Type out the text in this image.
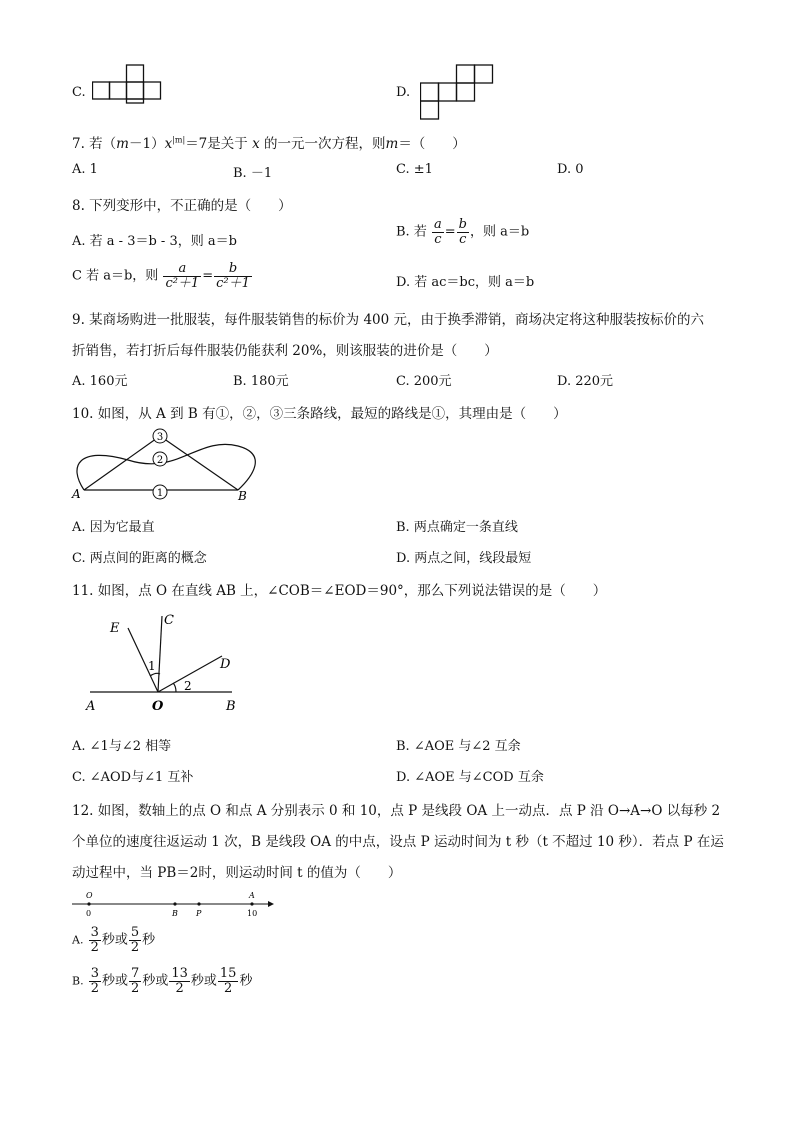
C.	D.
7. 若$(m-1)x^{|m|}=7$是关于 x 的一元一次方程，则m＝（　　）
A. 1	B. －1	C. ±1	D. 0
8. 下列变形中，不正确的是（　　）
A. 若 a - 3＝b - 3，则 a＝b
B. 若 $\frac{a}{c} = \frac{b}{c}$ ，则 a＝b
C 若 a＝b，则 $\frac{a}{\text{c²＋1}} = \frac{b}{\text{c²＋1}}$	D. 若 ac＝bc，则 a＝b
9. 某商场购进一批服装，每件服装销售的标价为 400 元，由于换季滞销，商场决定将这种服装按标价的六
折销售，若打折后每件服装仍能获利 20%，则该服装的进价是（　　）
A. 160元	B. 180元	C. 200元	D. 220元
10. 如图，从 A 到 B 有①，②，③三条路线，最短的路线是①，其理由是（　　）
1
2
3
A	B
A. 因为它最直	B. 两点确定一条直线
C. 两点间的距离的概念	D. 两点之间，线段最短
11. 如图，点 O 在直线 AB 上，∠COB＝∠EOD＝90°，那么下列说法错误的是（　　）
E
C
D
A	O	B
1
2
A. ∠1与∠2 相等	B. ∠AOE 与∠2 互余
C. ∠AOD与∠1 互补	D. ∠AOE 与∠COD 互余
12. 如图，数轴上的点 O 和点 A 分别表示 0 和 10，点 P 是线段 OA 上一动点．点 P 沿 O→A→O 以每秒 2
个单位的速度往返运动 1 次，B 是线段 OA 的中点，设点 P 运动时间为 t 秒（t 不超过 10 秒）．若点 P 在运
动过程中，当 PB＝2时，则运动时间 t 的值为（　　）
O
0	B P
A
10
A. $\frac{3}{2}$ 秒或 $\frac{5}{2}$ 秒
B. $\frac{3}{2}$ 秒或 $\frac{7}{2}$ 秒或 $\frac{13}{2}$ 秒或 $\frac{15}{2}$ 秒
